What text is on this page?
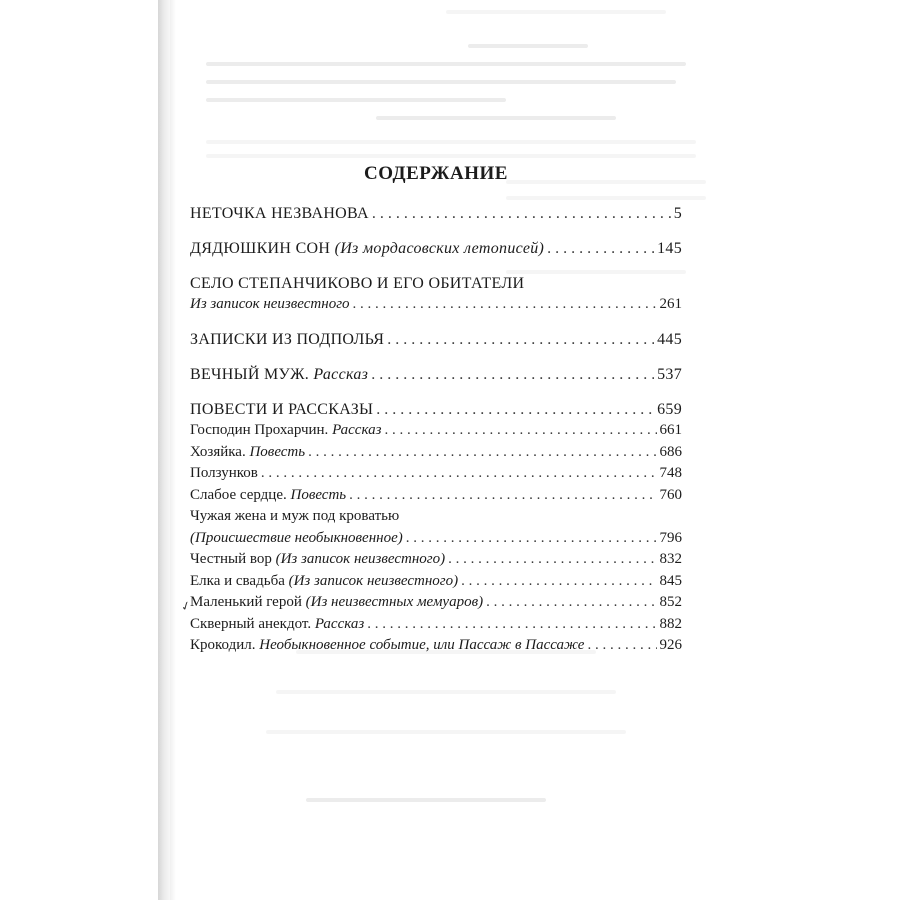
✓
СОДЕРЖАНИЕ
НЕТОЧКА НЕЗВАНОВА . . .	5
ДЯДЮШКИН СОН (Из мордасовских летописей) . . .	145
СЕЛО СТЕПАНЧИКОВО И ЕГО ОБИТАТЕЛИ
Из записок неизвестного . . .	261
ЗАПИСКИ ИЗ ПОДПОЛЬЯ . . .	445
ВЕЧНЫЙ МУЖ. Рассказ . . .	537
ПОВЕСТИ И РАССКАЗЫ . . .	659
Господин Прохарчин. Рассказ . . .	661
Хозяйка. Повесть . . .	686
Ползунков . . .	748
Слабое сердце. Повесть . . .	760
Чужая жена и муж под кроватью
(Происшествие необыкновенное) . . .	796
Честный вор (Из записок неизвестного) . . .	832
Елка и свадьба (Из записок неизвестного) . . .	845
Маленький герой (Из неизвестных мемуаров) . . .	852
Скверный анекдот. Рассказ . . .	882
Крокодил. Необыкновенное событие, или Пассаж в Пассаже . . .	926
